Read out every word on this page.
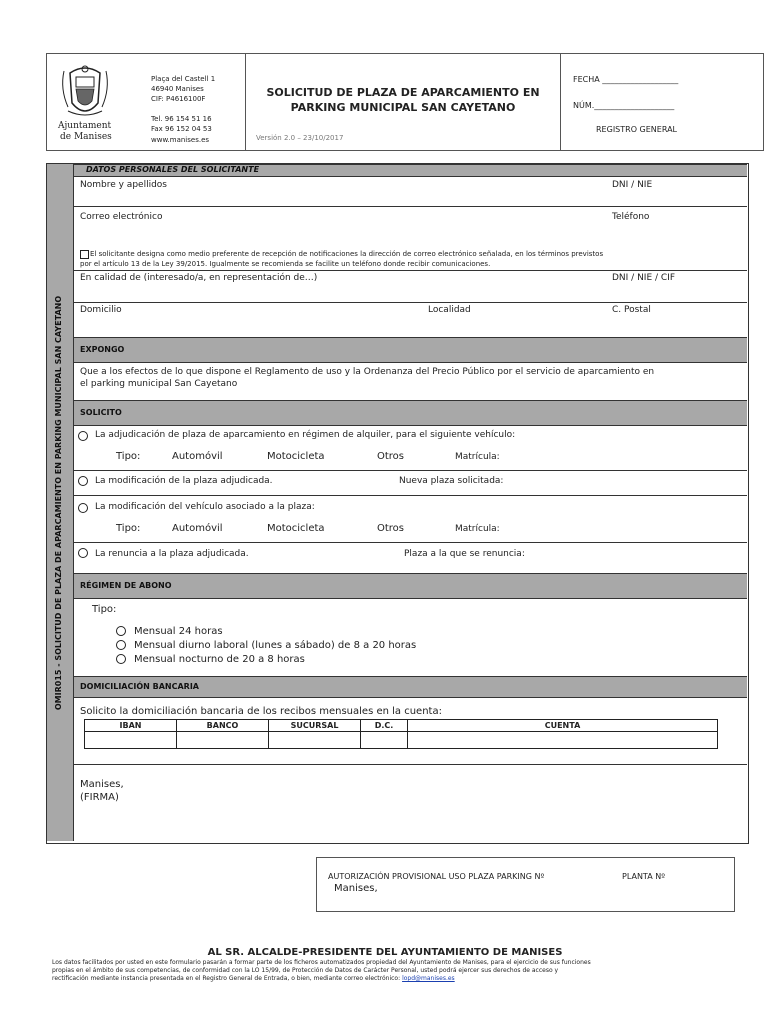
Ajuntament
de Manises
Plaça del Castell 1
46940 Manises
CIF: P4616100F
Tel. 96 154 51 16
Fax 96 152 04 53
www.manises.es
SOLICITUD DE PLAZA DE APARCAMIENTO EN
PARKING MUNICIPAL SAN CAYETANO
Versión 2.0 – 23/10/2017
FECHA ___________________
NÚM.____________________
REGISTRO GENERAL
OMIR015 - SOLICITUD DE PLAZA DE APARCAMIENTO EN PARKING MUNICIPAL SAN CAYETANO
DATOS PERSONALES DEL SOLICITANTE
Nombre y apellidos	DNI / NIE
Correo electrónico	Teléfono
El solicitante designa como medio preferente de recepción de notificaciones la dirección de correo electrónico señalada, en los términos previstos
por el artículo 13 de la Ley 39/2015. Igualmente se recomienda se facilite un teléfono donde recibir comunicaciones.
En calidad de (interesado/a, en representación de…)	DNI / NIE / CIF
Domicilio	Localidad	C. Postal
EXPONGO
Que a los efectos de lo que dispone el Reglamento de uso y la Ordenanza del Precio Público por el servicio de aparcamiento en
el parking municipal San Cayetano
SOLICITO
La adjudicación de plaza de aparcamiento en régimen de alquiler, para el siguiente vehículo:
Tipo:	Automóvil	Motocicleta	Otros	Matrícula:
La modificación de la plaza adjudicada.	Nueva plaza solicitada:
La modificación del vehículo asociado a la plaza:
Tipo:	Automóvil	Motocicleta	Otros	Matrícula:
La renuncia a la plaza adjudicada.	Plaza a la que se renuncia:
RÉGIMEN DE ABONO
Tipo:
Mensual 24 horas
Mensual diurno laboral (lunes a sábado) de 8 a 20 horas
Mensual nocturno de 20 a 8 horas
DOMICILIACIÓN BANCARIA
Solicito la domiciliación bancaria de los recibos mensuales en la cuenta:
IBAN	BANCO	SUCURSAL	D.C.	CUENTA

Manises,
(FIRMA)
AUTORIZACIÓN PROVISIONAL USO PLAZA PARKING Nº	PLANTA Nº
Manises,
AL SR. ALCALDE-PRESIDENTE DEL AYUNTAMIENTO DE MANISES
Los datos facilitados por usted en este formulario pasarán a formar parte de los ficheros automatizados propiedad del Ayuntamiento de Manises, para el ejercicio de sus funciones
propias en el ámbito de sus competencias, de conformidad con la LO 15/99, de Protección de Datos de Carácter Personal, usted podrá ejercer sus derechos de acceso y
rectificación mediante instancia presentada en el Registro General de Entrada, o bien, mediante correo electrónico: lopd@manises.es
